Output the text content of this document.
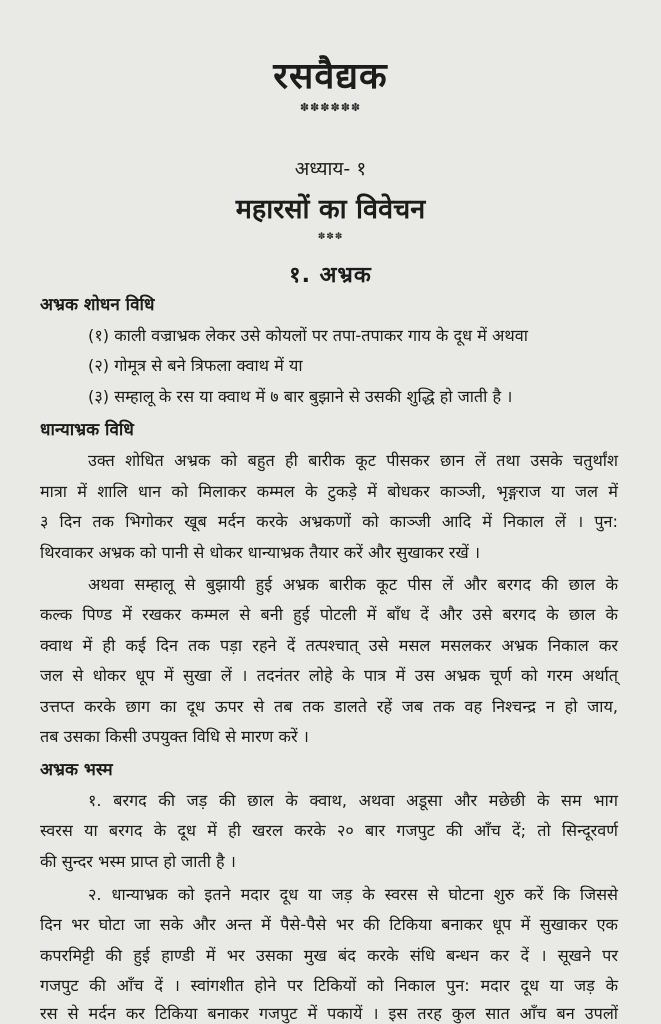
रसवैद्यक
✽✽✽✽✽✽
अध्याय- १
महारसों का विवेचन
✽✽✽
१. अभ्रक
अभ्रक शोधन विधि
(१) काली वज्राभ्रक लेकर उसे कोयलों पर तपा-तपाकर गाय के दूध में अथवा
(२) गोमूत्र से बने त्रिफला क्वाथ में या
(३) सम्हालू के रस या क्वाथ में ७ बार बुझाने से उसकी शुद्धि हो जाती है ।
धान्याभ्रक विधि
उक्त शोधित अभ्रक को बहुत ही बारीक कूट पीसकर छान लें तथा उसके चतुर्थांश
मात्रा में शालि धान को मिलाकर कम्मल के टुकड़े में बोधकर काञ्जी, भृङ्गराज या जल में
३ दिन तक भिगोकर खूब मर्दन करके अभ्रकणों को काञ्जी आदि में निकाल लें । पुन:
थिरवाकर अभ्रक को पानी से धोकर धान्याभ्रक तैयार करें और सुखाकर रखें ।
अथवा सम्हालू से बुझायी हुई अभ्रक बारीक कूट पीस लें और बरगद की छाल के
कल्क पिण्ड में रखकर कम्मल से बनी हुई पोटली में बाँध दें और उसे बरगद के छाल के
क्वाथ में ही कई दिन तक पड़ा रहने दें तत्पश्चात् उसे मसल मसलकर अभ्रक निकाल कर
जल से धोकर धूप में सुखा लें । तदनंतर लोहे के पात्र में उस अभ्रक चूर्ण को गरम अर्थात्
उत्तप्त करके छाग का दूध ऊपर से तब तक डालते रहें जब तक वह निश्चन्द्र न हो जाय,
तब उसका किसी उपयुक्त विधि से मारण करें ।
अभ्रक भस्म
१. बरगद की जड़ की छाल के क्वाथ, अथवा अडूसा और मछेछी के सम भाग
स्वरस या बरगद के दूध में ही खरल करके २० बार गजपुट की आँच दें; तो सिन्दूरवर्ण
की सुन्दर भस्म प्राप्त हो जाती है ।
२. धान्याभ्रक को इतने मदार दूध या जड़ के स्वरस से घोटना शुरु करें कि जिससे
दिन भर घोटा जा सके और अन्त में पैसे-पैसे भर की टिकिया बनाकर धूप में सुखाकर एक
कपरमिट्टी की हुई हाण्डी में भर उसका मुख बंद करके संधि बन्धन कर दें । सूखने पर
गजपुट की आँच दें । स्वांगशीत होने पर टिकियों को निकाल पुन: मदार दूध या जड़ के
रस से मर्दन कर टिकिया बनाकर गजपुट में पकायें । इस तरह कुल सात आँच बन उपलों
